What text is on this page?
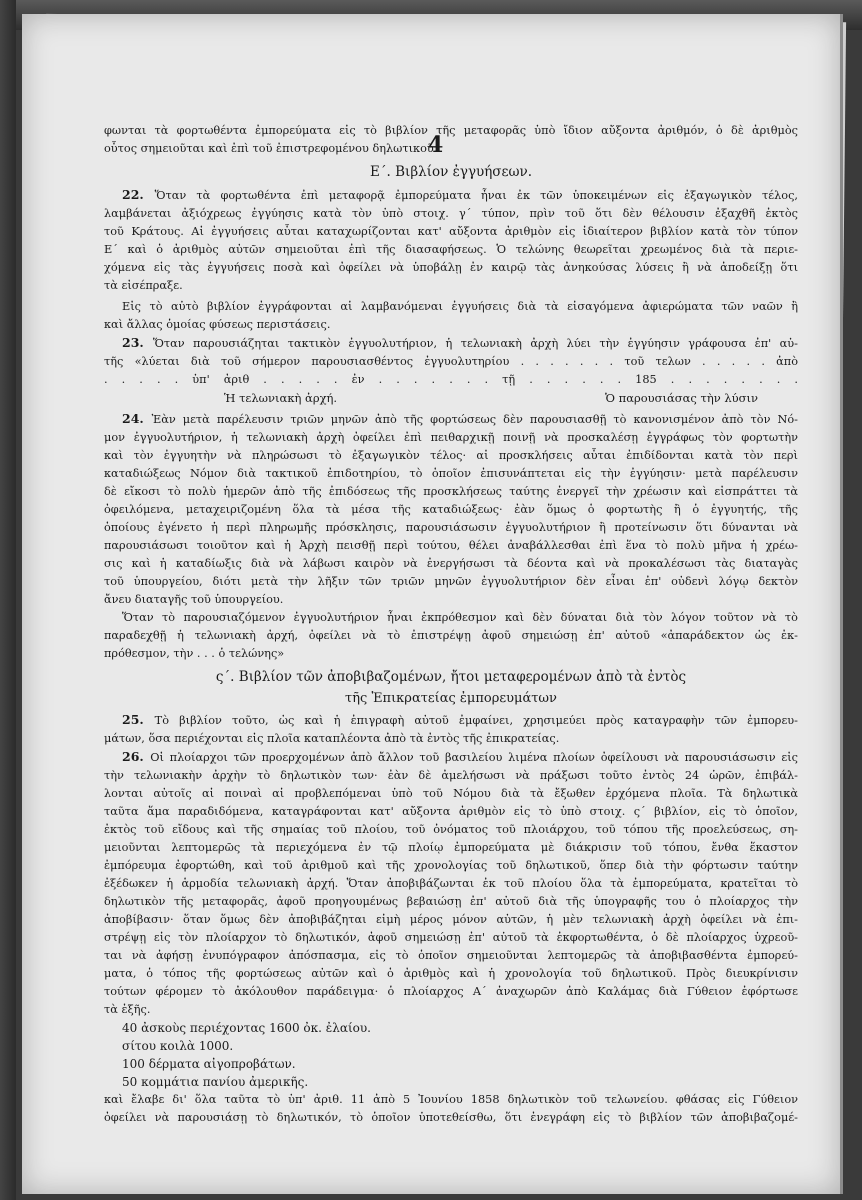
4
φωνται τὰ φορτωθέντα ἐμπορεύματα εἰς τὸ βιβλίον τῆς μεταφορᾶς ὑπὸ ἴδιον αὔξοντα ἀριθμόν, ὁ δὲ ἀριθμὸς
οὗτος σημειοῦται καὶ ἐπὶ τοῦ ἐπιστρεφομένου δηλωτικοῦ.
Ε΄. Βιβλίον ἐγγυήσεων.
22. Ὅταν τὰ φορτωθέντα ἐπὶ μεταφορᾷ ἐμπορεύματα ἦναι ἐκ τῶν ὑποκειμένων εἰς ἐξαγωγικὸν τέλος,
λαμβάνεται ἀξιόχρεως ἐγγύησις κατὰ τὸν ὑπὸ στοιχ. γ΄ τύπον, πρὶν τοῦ ὅτι δὲν θέλουσιν ἐξαχθῆ ἐκτὸς
τοῦ Κράτους. Αἱ ἐγγυήσεις αὗται καταχωρίζονται κατ' αὔξοντα ἀριθμὸν εἰς ἰδιαίτερον βιβλίον κατὰ τὸν τύπον
Ε΄ καὶ ὁ ἀριθμὸς αὐτῶν σημειοῦται ἐπὶ τῆς διασαφήσεως. Ὁ τελώνης θεωρεῖται χρεωμένος διὰ τὰ περιε-
χόμενα εἰς τὰς ἐγγυήσεις ποσὰ καὶ ὀφείλει νὰ ὑποβάλῃ ἐν καιρῷ τὰς ἀνηκούσας λύσεις ἢ νὰ ἀποδείξῃ ὅτι
τὰ εἰσέπραξε.
Εἰς τὸ αὐτὸ βιβλίον ἐγγράφονται αἱ λαμβανόμεναι ἐγγυήσεις διὰ τὰ εἰσαγόμενα ἀφιερώματα τῶν ναῶν ἢ
καὶ ἄλλας ὁμοίας φύσεως περιστάσεις.
23. Ὅταν παρουσιάζηται τακτικὸν ἐγγυολυτήριον, ἡ τελωνιακὴ ἀρχὴ λύει τὴν ἐγγύησιν γράφουσα ἐπ' αὐ-
τῆς «λύεται διὰ τοῦ σήμερον παρουσιασθέντος ἐγγυολυτηρίου . . . . . . . τοῦ τελων . . . . . ἀπὸ
. . . . . ὑπ' ἀριθ . . . . . ἐν . . . . . . . τῇ . . . . . . 185 . . . . . . . .
Ἡ τελωνιακὴ ἀρχή.	Ὁ παρουσιάσας τὴν λύσιν
24. Ἐὰν μετὰ παρέλευσιν τριῶν μηνῶν ἀπὸ τῆς φορτώσεως δὲν παρουσιασθῇ τὸ κανονισμένον ἀπὸ τὸν Νό-
μον ἐγγυολυτήριον, ἡ τελωνιακὴ ἀρχὴ ὀφείλει ἐπὶ πειθαρχικῇ ποινῇ νὰ προσκαλέσῃ ἐγγράφως τὸν φορτωτὴν
καὶ τὸν ἐγγυητὴν νὰ πληρώσωσι τὸ ἐξαγωγικὸν τέλος· αἱ προσκλήσεις αὗται ἐπιδίδονται κατὰ τὸν περὶ
καταδιώξεως Νόμον διὰ τακτικοῦ ἐπιδοτηρίου, τὸ ὁποῖον ἐπισυνάπτεται εἰς τὴν ἐγγύησιν· μετὰ παρέλευσιν
δὲ εἴκοσι τὸ πολὺ ἡμερῶν ἀπὸ τῆς ἐπιδόσεως τῆς προσκλήσεως ταύτης ἐνεργεῖ τὴν χρέωσιν καὶ εἰσπράττει τὰ
ὀφειλόμενα, μεταχειριζομένη ὅλα τὰ μέσα τῆς καταδιώξεως· ἐὰν ὅμως ὁ φορτωτὴς ἢ ὁ ἐγγυητής, τῆς
ὁποίους ἐγένετο ἡ περὶ πληρωμῆς πρόσκλησις, παρουσιάσωσιν ἐγγυολυτήριον ἢ προτείνωσιν ὅτι δύνανται νὰ
παρουσιάσωσι τοιοῦτον καὶ ἡ Ἀρχὴ πεισθῇ περὶ τούτου, θέλει ἀναβάλλεσθαι ἐπὶ ἕνα τὸ πολὺ μῆνα ἡ χρέω-
σις καὶ ἡ καταδίωξις διὰ νὰ λάβωσι καιρὸν νὰ ἐνεργήσωσι τὰ δέοντα καὶ νὰ προκαλέσωσι τὰς διαταγὰς
τοῦ ὑπουργείου, διότι μετὰ τὴν λῆξιν τῶν τριῶν μηνῶν ἐγγυολυτήριον δὲν εἶναι ἐπ' οὐδενὶ λόγῳ δεκτὸν
ἄνευ διαταγῆς τοῦ ὑπουργείου.
Ὅταν τὸ παρουσιαζόμενον ἐγγυολυτήριον ἦναι ἐκπρόθεσμον καὶ δὲν δύναται διὰ τὸν λόγον τοῦτον νὰ τὸ
παραδεχθῇ ἡ τελωνιακὴ ἀρχή, ὀφείλει νὰ τὸ ἐπιστρέψῃ ἀφοῦ σημειώσῃ ἐπ' αὐτοῦ «ἀπαράδεκτον ὡς ἐκ-
πρόθεσμον, τὴν . . . ὁ τελώνης»
ς΄. Βιβλίον τῶν ἀποβιβαζομένων, ἤτοι μεταφερομένων ἀπὸ τὰ ἐντὸς
τῆς Ἐπικρατείας ἐμπορευμάτων
25. Τὸ βιβλίον τοῦτο, ὡς καὶ ἡ ἐπιγραφὴ αὐτοῦ ἐμφαίνει, χρησιμεύει πρὸς καταγραφὴν τῶν ἐμπορευ-
μάτων, ὅσα περιέχονται εἰς πλοῖα καταπλέοντα ἀπὸ τὰ ἐντὸς τῆς ἐπικρατείας.
26. Οἱ πλοίαρχοι τῶν προερχομένων ἀπὸ ἄλλον τοῦ βασιλείου λιμένα πλοίων ὀφείλουσι νὰ παρουσιάσωσιν εἰς
τὴν τελωνιακὴν ἀρχὴν τὸ δηλωτικὸν των· ἐὰν δὲ ἀμελήσωσι νὰ πράξωσι τοῦτο ἐντὸς 24 ὡρῶν, ἐπιβάλ-
λονται αὐτοῖς αἱ ποιναὶ αἱ προβλεπόμεναι ὑπὸ τοῦ Νόμου διὰ τὰ ἔξωθεν ἐρχόμενα πλοῖα. Τὰ δηλωτικὰ
ταῦτα ἅμα παραδιδόμενα, καταγράφονται κατ' αὔξοντα ἀριθμὸν εἰς τὸ ὑπὸ στοιχ. ς΄ βιβλίον, εἰς τὸ ὁποῖον,
ἐκτὸς τοῦ εἴδους καὶ τῆς σημαίας τοῦ πλοίου, τοῦ ὀνόματος τοῦ πλοιάρχου, τοῦ τόπου τῆς προελεύσεως, ση-
μειοῦνται λεπτομερῶς τὰ περιεχόμενα ἐν τῷ πλοίῳ ἐμπορεύματα μὲ διάκρισιν τοῦ τόπου, ἔνθα ἕκαστον
ἐμπόρευμα ἐφορτώθη, καὶ τοῦ ἀριθμοῦ καὶ τῆς χρονολογίας τοῦ δηλωτικοῦ, ὅπερ διὰ τὴν φόρτωσιν ταύτην
ἐξέδωκεν ἡ ἁρμοδία τελωνιακὴ ἀρχή. Ὅταν ἀποβιβάζωνται ἐκ τοῦ πλοίου ὅλα τὰ ἐμπορεύματα, κρατεῖται τὸ
δηλωτικὸν τῆς μεταφορᾶς, ἀφοῦ προηγουμένως βεβαιώσῃ ἐπ' αὐτοῦ διὰ τῆς ὑπογραφῆς του ὁ πλοίαρχος τὴν
ἀποβίβασιν· ὅταν ὅμως δὲν ἀποβιβάζηται εἰμὴ μέρος μόνον αὐτῶν, ἡ μὲν τελωνιακὴ ἀρχὴ ὀφείλει νὰ ἐπι-
στρέψῃ εἰς τὸν πλοίαρχον τὸ δηλωτικόν, ἀφοῦ σημειώσῃ ἐπ' αὐτοῦ τὰ ἐκφορτωθέντα, ὁ δὲ πλοίαρχος ὑχρεοῦ-
ται νὰ ἀφήσῃ ἐνυπόγραφον ἀπόσπασμα, εἰς τὸ ὁποῖον σημειοῦνται λεπτομερῶς τὰ ἀποβιβασθέντα ἐμπορεύ-
ματα, ὁ τόπος τῆς φορτώσεως αὐτῶν καὶ ὁ ἀριθμὸς καὶ ἡ χρονολογία τοῦ δηλωτικοῦ. Πρὸς διευκρίνισιν
τούτων φέρομεν τὸ ἀκόλουθον παράδειγμα· ὁ πλοίαρχος Α΄ ἀναχωρῶν ἀπὸ Καλάμας διὰ Γύθειον ἐφόρτωσε
τὰ ἑξῆς.
40 ἀσκοὺς περιέχοντας 1600 ὀκ. ἐλαίου.
σίτου κοιλὰ 1000.
100 δέρματα αἰγοπροβάτων.
50 κομμάτια πανίου ἀμερικῆς.
καὶ ἔλαβε δι' ὅλα ταῦτα τὸ ὑπ' ἀριθ. 11 ἀπὸ 5 Ἰουνίου 1858 δηλωτικὸν τοῦ τελωνείου. φθάσας εἰς Γύθειον
ὀφείλει νὰ παρουσιάσῃ τὸ δηλωτικόν, τὸ ὁποῖον ὑποτεθείσθω, ὅτι ἐνεγράφη εἰς τὸ βιβλίον τῶν ἀποβιβαζομέ-
